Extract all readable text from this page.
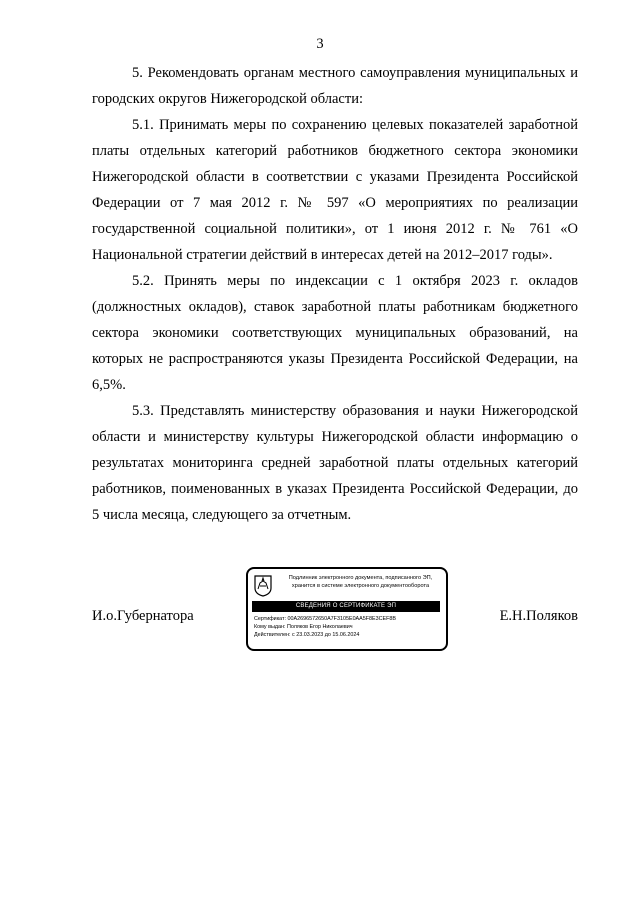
3

5. Рекомендовать органам местного самоуправления муниципальных и городских округов Нижегородской области:

5.1. Принимать меры по сохранению целевых показателей заработной платы отдельных категорий работников бюджетного сектора экономики Нижегородской области в соответствии с указами Президента Российской Федерации от 7 мая 2012 г. № 597 «О мероприятиях по реализации государственной социальной политики», от 1 июня 2012 г. № 761 «О Национальной стратегии действий в интересах детей на 2012–2017 годы».

5.2. Принять меры по индексации с 1 октября 2023 г. окладов (должностных окладов), ставок заработной платы работникам бюджетного сектора экономики соответствующих муниципальных образований, на которых не распространяются указы Президента Российской Федерации, на 6,5%.

5.3. Представлять министерству образования и науки Нижегородской области и министерству культуры Нижегородской области информацию о результатах мониторинга средней заработной платы отдельных категорий работников, поименованных в указах Президента Российской Федерации, до 5 числа месяца, следующего за отчетным.

И.о.Губернатора
Подлинник электронного документа, подписанного ЭП,
хранится в системе электронного документооборота
СВЕДЕНИЯ О СЕРТИФИКАТЕ ЭП
Сертификат: 00A2696572650A7F3105E0AA5F8E3CEF8B
Кому выдан: Поляков Егор Николаевич
Действителен: с 23.03.2023 до 15.06.2024
Е.Н.Поляков
